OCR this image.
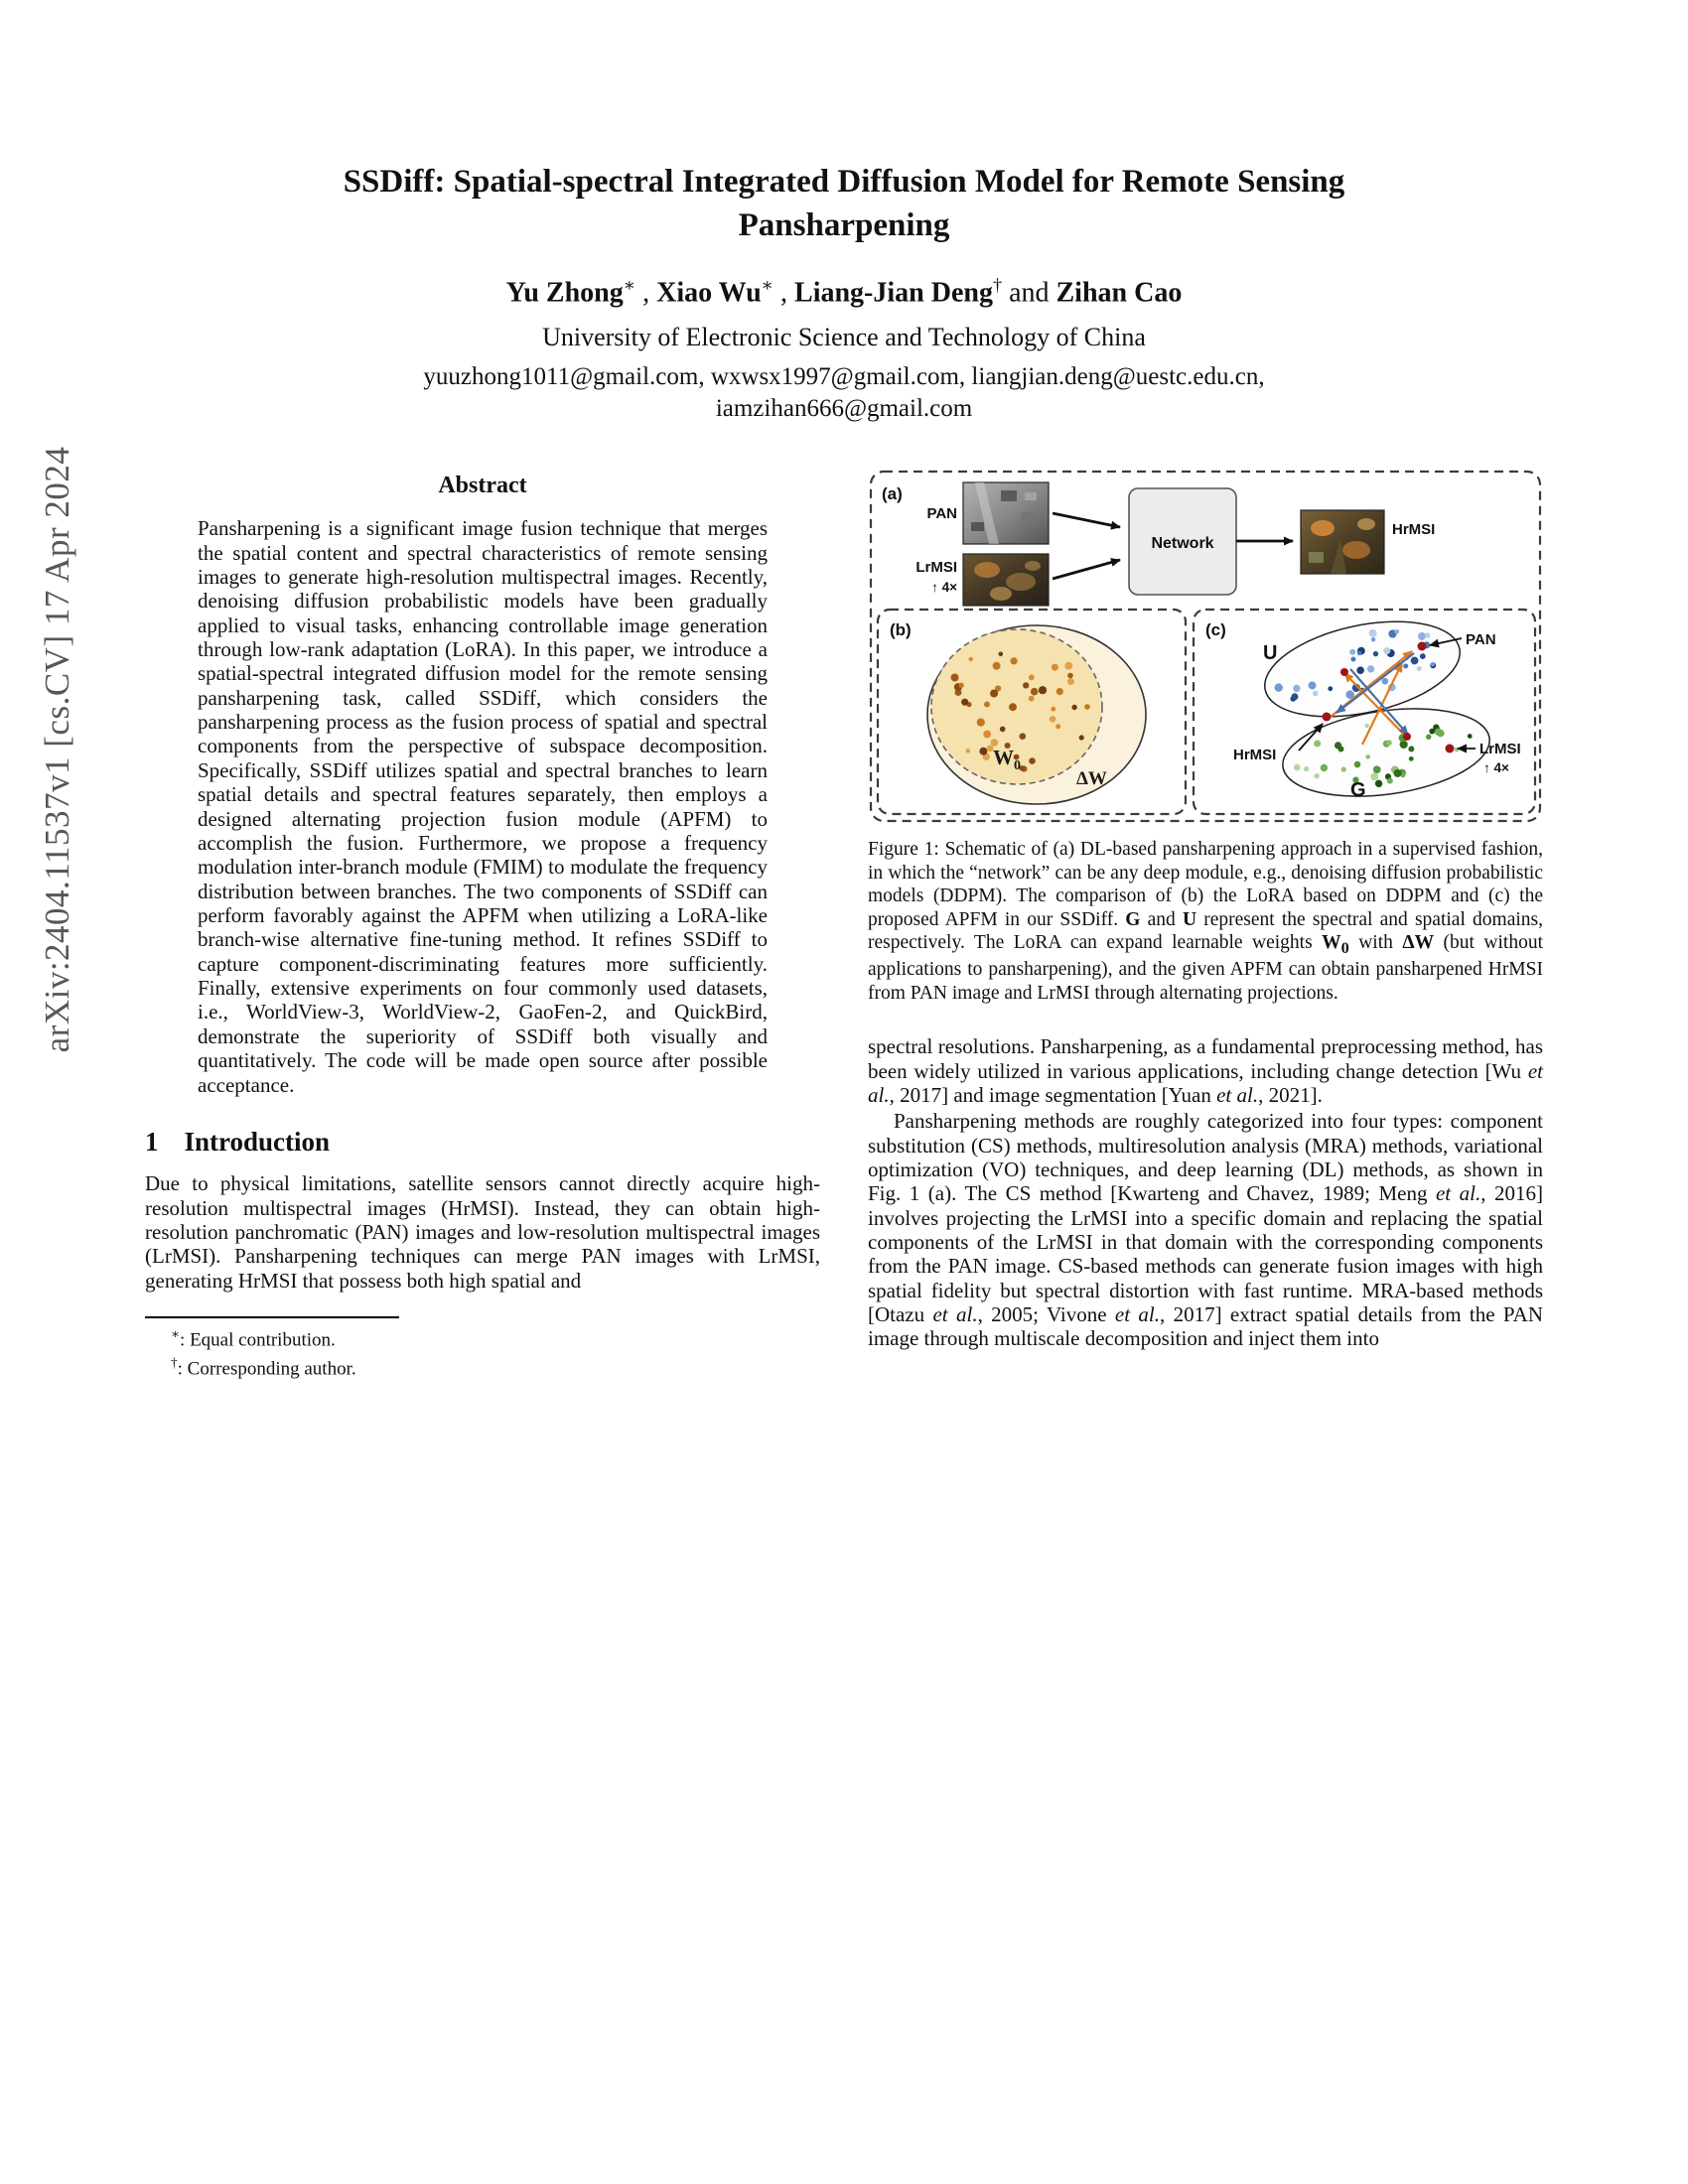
arXiv:2404.11537v1 [cs.CV] 17 Apr 2024
SSDiff: Spatial-spectral Integrated Diffusion Model for Remote Sensing
Pansharpening
Yu Zhong∗ , Xiao Wu∗ , Liang-Jian Deng† and Zihan Cao
University of Electronic Science and Technology of China
yuuzhong1011@gmail.com, wxwsx1997@gmail.com, liangjian.deng@uestc.edu.cn,
iamzihan666@gmail.com
Abstract

Pansharpening is a significant image fusion technique that merges the spatial content and spectral characteristics of remote sensing images to generate high-resolution multispectral images. Recently, denoising diffusion probabilistic models have been gradually applied to visual tasks, enhancing controllable image generation through low-rank adaptation (LoRA). In this paper, we introduce a spatial-spectral integrated diffusion model for the remote sensing pansharpening task, called SSDiff, which considers the pansharpening process as the fusion process of spatial and spectral components from the perspective of subspace decomposition. Specifically, SSDiff utilizes spatial and spectral branches to learn spatial details and spectral features separately, then employs a designed alternating projection fusion module (APFM) to accomplish the fusion. Furthermore, we propose a frequency modulation inter-branch module (FMIM) to modulate the frequency distribution between branches. The two components of SSDiff can perform favorably against the APFM when utilizing a LoRA-like branch-wise alternative fine-tuning method. It refines SSDiff to capture component-discriminating features more sufficiently. Finally, extensive experiments on four commonly used datasets, i.e., WorldView-3, WorldView-2, GaoFen-2, and QuickBird, demonstrate the superiority of SSDiff both visually and quantitatively. The code will be made open source after possible acceptance.

1 Introduction

Due to physical limitations, satellite sensors cannot directly acquire high-resolution multispectral images (HrMSI). Instead, they can obtain high-resolution panchromatic (PAN) images and low-resolution multispectral images (LrMSI). Pansharpening techniques can merge PAN images with LrMSI, generating HrMSI that possess both high spatial and

∗: Equal contribution.
†: Corresponding author.
(a)
PAN
LrMSI
↑ 4×
Network
HrMSI
(b)
$W_0$
ΔW
(c)
U
G
PAN
HrMSI	LrMSI
↑ 4×
Figure 1: Schematic of (a) DL-based pansharpening approach in a supervised fashion, in which the “network” can be any deep module, e.g., denoising diffusion probabilistic models (DDPM). The comparison of (b) the LoRA based on DDPM and (c) the proposed APFM in our SSDiff. G and U represent the spectral and spatial domains, respectively. The LoRA can expand learnable weights $W_0$ with ΔW (but without applications to pansharpening), and the given APFM can obtain pansharpened HrMSI from PAN image and LrMSI through alternating projections.

spectral resolutions. Pansharpening, as a fundamental preprocessing method, has been widely utilized in various applications, including change detection [Wu et al., 2017] and image segmentation [Yuan et al., 2021].

Pansharpening methods are roughly categorized into four types: component substitution (CS) methods, multiresolution analysis (MRA) methods, variational optimization (VO) techniques, and deep learning (DL) methods, as shown in Fig. 1 (a). The CS method [Kwarteng and Chavez, 1989; Meng et al., 2016] involves projecting the LrMSI into a specific domain and replacing the spatial components of the LrMSI in that domain with the corresponding components from the PAN image. CS-based methods can generate fusion images with high spatial fidelity but spectral distortion with fast runtime. MRA-based methods [Otazu et al., 2005; Vivone et al., 2017] extract spatial details from the PAN image through multiscale decomposition and inject them into
